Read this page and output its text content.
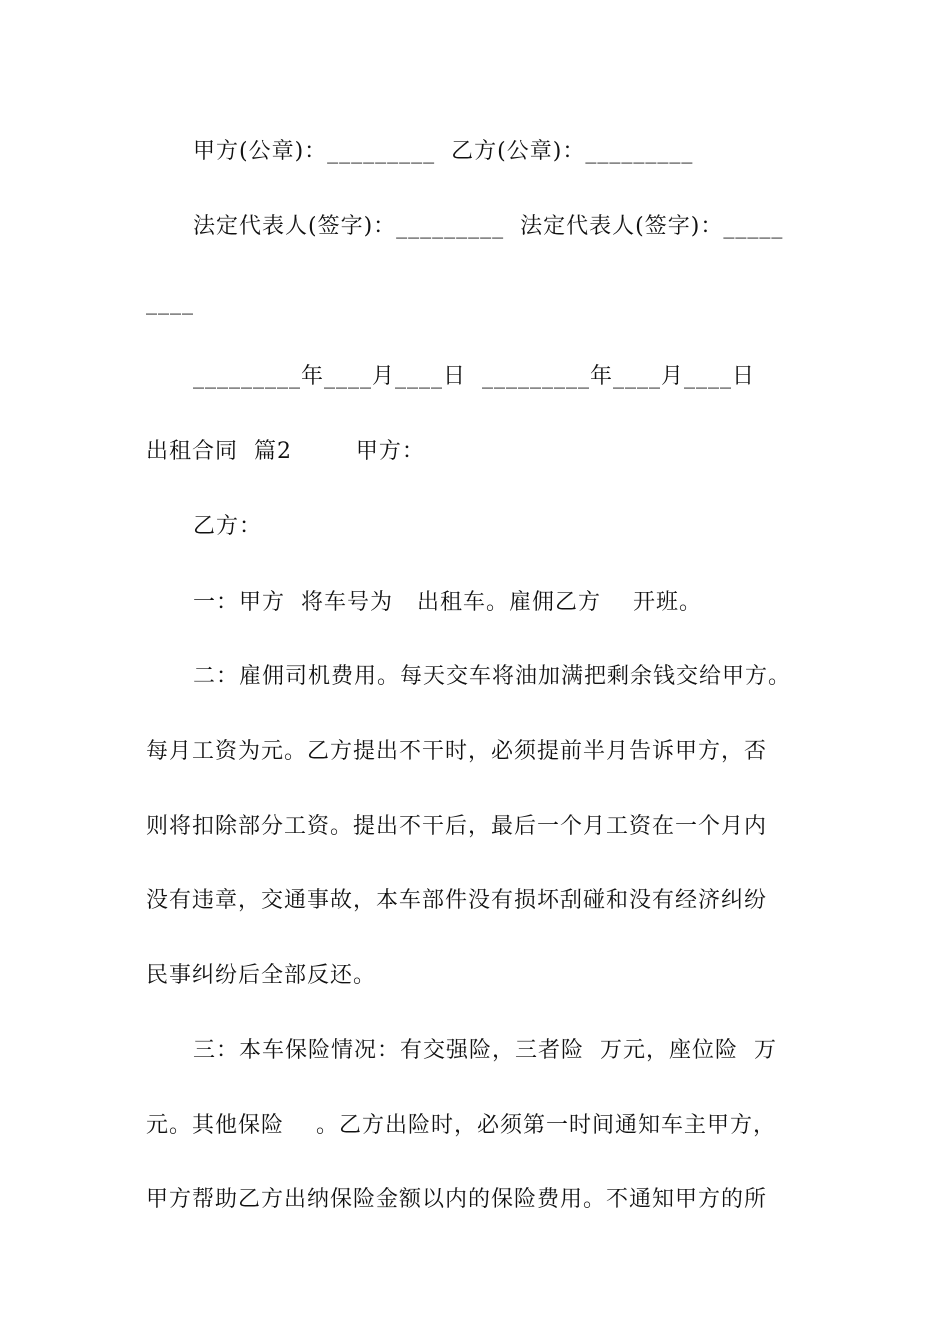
甲方(公章)：_________  乙方(公章)：_________
法定代表人(签字)：_________  法定代表人(签字)：_____
____
_________年____月____日  _________年____月____日
出租合同  篇2        甲方：
乙方：
一：甲方  将车号为   出租车。雇佣乙方    开班。
二：雇佣司机费用。每天交车将油加满把剩余钱交给甲方。
每月工资为元。乙方提出不干时，必须提前半月告诉甲方，否
则将扣除部分工资。提出不干后，最后一个月工资在一个月内
没有违章，交通事故，本车部件没有损坏刮碰和没有经济纠纷
民事纠纷后全部反还。
三：本车保险情况：有交强险，三者险  万元，座位险  万
元。其他保险    。乙方出险时，必须第一时间通知车主甲方，
甲方帮助乙方出纳保险金额以内的保险费用。不通知甲方的所
